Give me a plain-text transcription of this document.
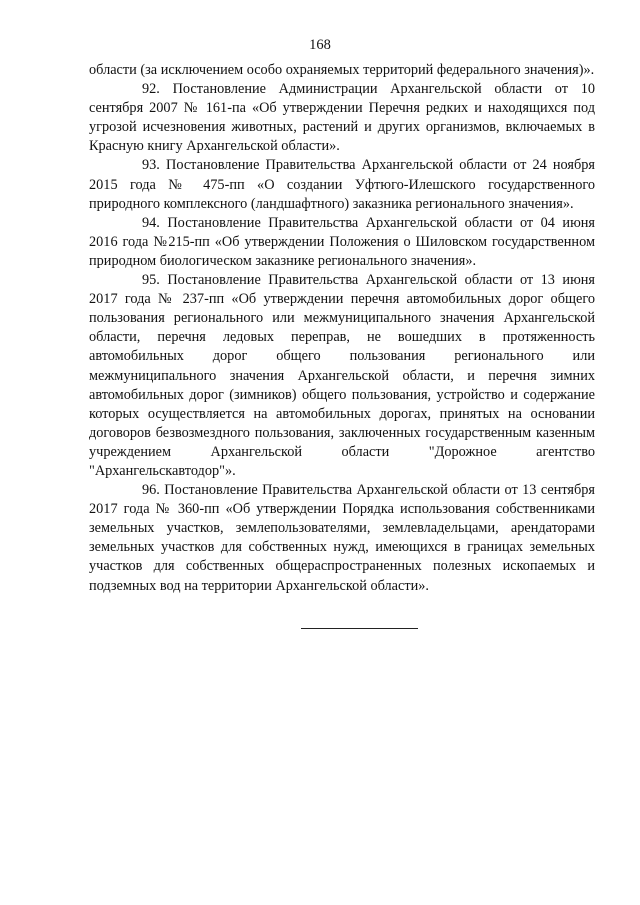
168

области (за исключением особо охраняемых территорий федерального значения)».

92. Постановление Администрации Архангельской области от 10 сентября 2007 № 161-па «Об утверждении Перечня редких и находящихся под угрозой исчезновения животных, растений и других организмов, включаемых в Красную книгу Архангельской области».

93. Постановление Правительства Архангельской области от 24 ноября 2015 года № 475-пп «О создании Уфтюго-Илешского государственного природного комплексного (ландшафтного) заказника регионального значения».

94. Постановление Правительства Архангельской области от 04 июня 2016 года №215-пп «Об утверждении Положения о Шиловском государственном природном биологическом заказнике регионального значения».

95. Постановление Правительства Архангельской области от 13 июня 2017 года № 237-пп «Об утверждении перечня автомобильных дорог общего пользования регионального или межмуниципального значения Архангельской области, перечня ледовых переправ, не вошедших в протяженность автомобильных дорог общего пользования регионального или межмуниципального значения Архангельской области, и перечня зимних автомобильных дорог (зимников) общего пользования, устройство и содержание которых осуществляется на автомобильных дорогах, принятых на основании договоров безвозмездного пользования, заключенных государственным казенным учреждением Архангельской области "Дорожное агентство "Архангельскавтодор"».

96. Постановление Правительства Архангельской области от 13 сентября 2017 года № 360-пп «Об утверждении Порядка использования собственниками земельных участков, землепользователями, землевладельцами, арендаторами земельных участков для собственных нужд, имеющихся в границах земельных участков для собственных общераспространенных полезных ископаемых и подземных вод на территории Архангельской области».
